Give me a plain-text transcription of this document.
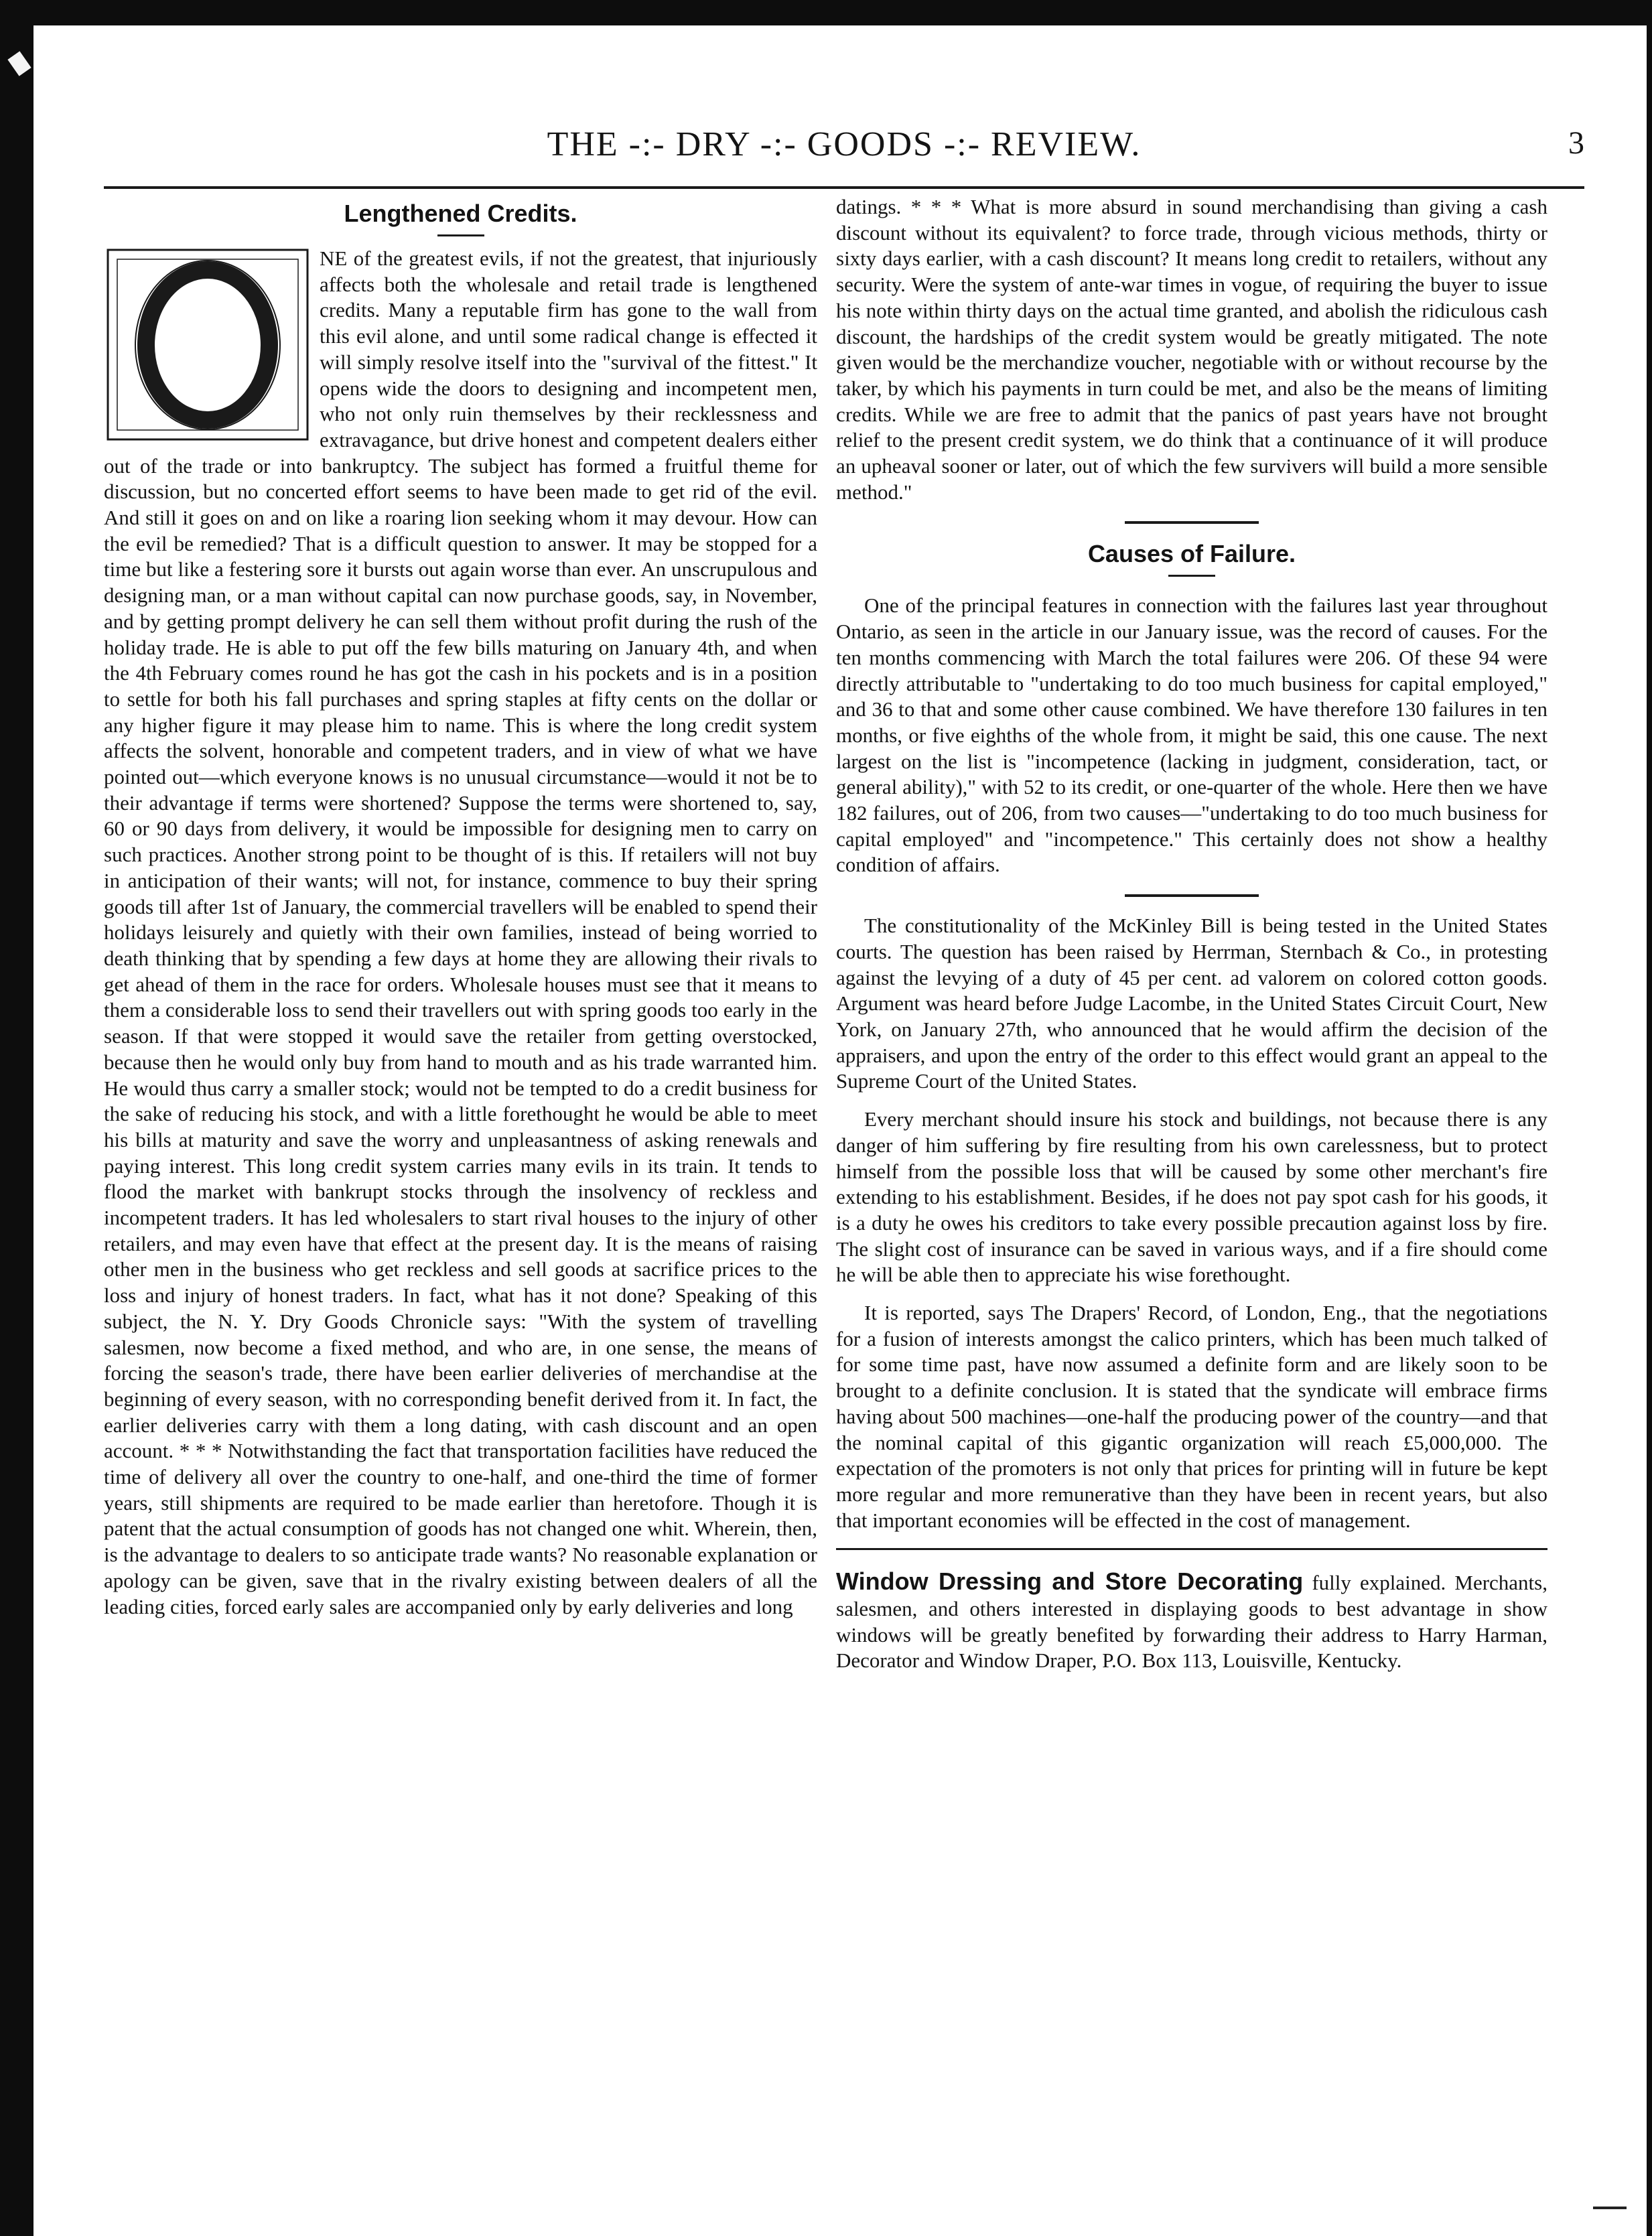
THE -:- DRY -:- GOODS -:- REVIEW.	3
Lengthened Credits.

NE of the greatest evils, if not the greatest, that injuriously affects both the wholesale and retail trade is lengthened credits. Many a reputable firm has gone to the wall from this evil alone, and until some radical change is effected it will simply resolve itself into the "survival of the fittest." It opens wide the doors to designing and incompetent men, who not only ruin themselves by their recklessness and extravagance, but drive honest and competent dealers either out of the trade or into bankruptcy. The subject has formed a fruitful theme for discussion, but no concerted effort seems to have been made to get rid of the evil. And still it goes on and on like a roaring lion seeking whom it may devour. How can the evil be remedied? That is a difficult question to answer. It may be stopped for a time but like a festering sore it bursts out again worse than ever. An unscrupulous and designing man, or a man without capital can now purchase goods, say, in November, and by getting prompt delivery he can sell them without profit during the rush of the holiday trade. He is able to put off the few bills maturing on January 4th, and when the 4th February comes round he has got the cash in his pockets and is in a position to settle for both his fall purchases and spring staples at fifty cents on the dollar or any higher figure it may please him to name. This is where the long credit system affects the solvent, honorable and competent traders, and in view of what we have pointed out—which everyone knows is no unusual circumstance—would it not be to their advantage if terms were shortened? Suppose the terms were shortened to, say, 60 or 90 days from delivery, it would be impossible for designing men to carry on such practices. Another strong point to be thought of is this. If retailers will not buy in anticipation of their wants; will not, for instance, commence to buy their spring goods till after 1st of January, the commercial travellers will be enabled to spend their holidays leisurely and quietly with their own families, instead of being worried to death thinking that by spending a few days at home they are allowing their rivals to get ahead of them in the race for orders. Wholesale houses must see that it means to them a considerable loss to send their travellers out with spring goods too early in the season. If that were stopped it would save the retailer from getting overstocked, because then he would only buy from hand to mouth and as his trade warranted him. He would thus carry a smaller stock; would not be tempted to do a credit business for the sake of reducing his stock, and with a little forethought he would be able to meet his bills at maturity and save the worry and unpleasantness of asking renewals and paying interest. This long credit system carries many evils in its train. It tends to flood the market with bankrupt stocks through the insolvency of reckless and incompetent traders. It has led wholesalers to start rival houses to the injury of other retailers, and may even have that effect at the present day. It is the means of raising other men in the business who get reckless and sell goods at sacrifice prices to the loss and injury of honest traders. In fact, what has it not done? Speaking of this subject, the N. Y. Dry Goods Chronicle says: "With the system of travelling salesmen, now become a fixed method, and who are, in one sense, the means of forcing the season's trade, there have been earlier deliveries of merchandise at the beginning of every season, with no corresponding benefit derived from it. In fact, the earlier deliveries carry with them a long dating, with cash discount and an open account. * * * Notwithstanding the fact that transportation facilities have reduced the time of delivery all over the country to one-half, and one-third the time of former years, still shipments are required to be made earlier than heretofore. Though it is patent that the actual consumption of goods has not changed one whit. Wherein, then, is the advantage to dealers to so anticipate trade wants? No reasonable explanation or apology can be given, save that in the rivalry existing between dealers of all the leading cities, forced early sales are accompanied only by early deliveries and long

datings. * * * What is more absurd in sound merchandising than giving a cash discount without its equivalent? to force trade, through vicious methods, thirty or sixty days earlier, with a cash discount? It means long credit to retailers, without any security. Were the system of ante-war times in vogue, of requiring the buyer to issue his note within thirty days on the actual time granted, and abolish the ridiculous cash discount, the hardships of the credit system would be greatly mitigated. The note given would be the merchandize voucher, negotiable with or without recourse by the taker, by which his payments in turn could be met, and also be the means of limiting credits. While we are free to admit that the panics of past years have not brought relief to the present credit system, we do think that a continuance of it will produce an upheaval sooner or later, out of which the few survivers will build a more sensible method."

Causes of Failure.

One of the principal features in connection with the failures last year throughout Ontario, as seen in the article in our January issue, was the record of causes. For the ten months commencing with March the total failures were 206. Of these 94 were directly attributable to "undertaking to do too much business for capital employed," and 36 to that and some other cause combined. We have therefore 130 failures in ten months, or five eighths of the whole from, it might be said, this one cause. The next largest on the list is "incompetence (lacking in judgment, consideration, tact, or general ability)," with 52 to its credit, or one-quarter of the whole. Here then we have 182 failures, out of 206, from two causes—"undertaking to do too much business for capital employed" and "incompetence." This certainly does not show a healthy condition of affairs.

The constitutionality of the McKinley Bill is being tested in the United States courts. The question has been raised by Herrman, Sternbach & Co., in protesting against the levying of a duty of 45 per cent. ad valorem on colored cotton goods. Argument was heard before Judge Lacombe, in the United States Circuit Court, New York, on January 27th, who announced that he would affirm the decision of the appraisers, and upon the entry of the order to this effect would grant an appeal to the Supreme Court of the United States.

Every merchant should insure his stock and buildings, not because there is any danger of him suffering by fire resulting from his own carelessness, but to protect himself from the possible loss that will be caused by some other merchant's fire extending to his establishment. Besides, if he does not pay spot cash for his goods, it is a duty he owes his creditors to take every possible precaution against loss by fire. The slight cost of insurance can be saved in various ways, and if a fire should come he will be able then to appreciate his wise forethought.

It is reported, says The Drapers' Record, of London, Eng., that the negotiations for a fusion of interests amongst the calico printers, which has been much talked of for some time past, have now assumed a definite form and are likely soon to be brought to a definite conclusion. It is stated that the syndicate will embrace firms having about 500 machines—one-half the producing power of the country—and that the nominal capital of this gigantic organization will reach £5,000,000. The expectation of the promoters is not only that prices for printing will in future be kept more regular and more remunerative than they have been in recent years, but also that important economies will be effected in the cost of management.

Window Dressing and Store Decorating fully explained. Merchants, salesmen, and others interested in displaying goods to best advantage in show windows will be greatly benefited by forwarding their address to Harry Harman, Decorator and Window Draper, P.O. Box 113, Louisville, Kentucky.
